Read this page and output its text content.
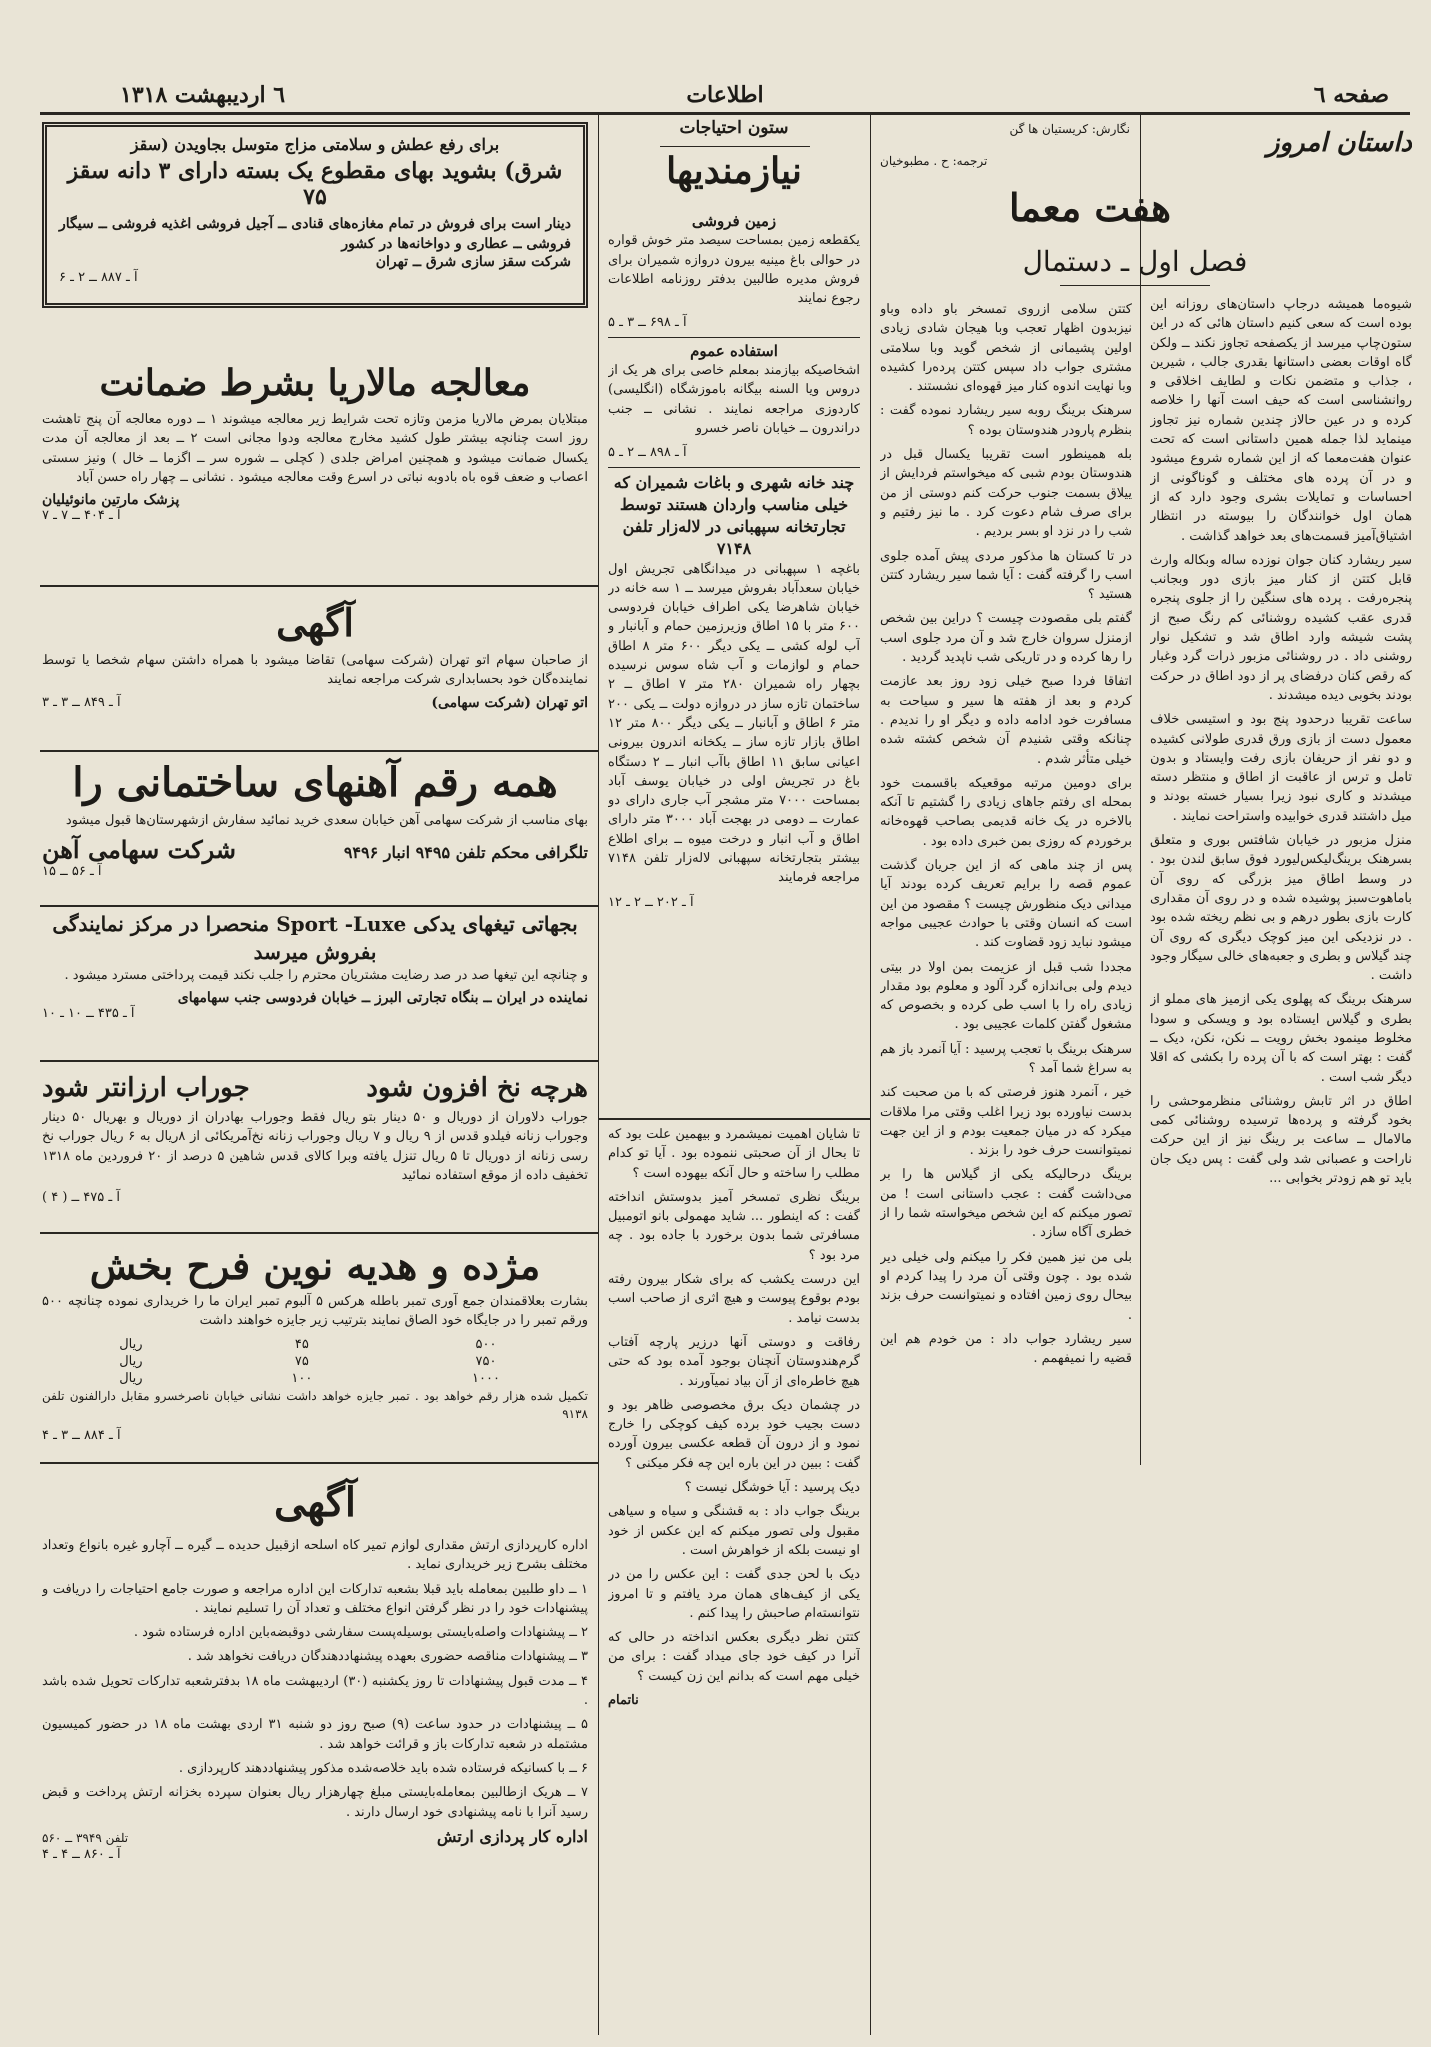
صفحه ٦
اطلاعات
٦ اردیبهشت ۱۳۱۸
داستان امروز
نگارش: کریستیان ها گن
ترجمه: ح . مطبوخیان
هفت معما
فصل اول ـ دستمال

شیوه‌ما همیشه درجاپ داستان‌ها‌ی روزانه این بوده است که سعی کنیم داستان هائی که در این ستون‌چاپ میرسد از یکصفحه تجاوز نکند ــ ولکن گاه اوقات بعضی داستانها بقدری جالب ، شیرین ، جذاب و متضمن نکات و لطایف اخلاقی و روانشناسی است که حیف است آنها را خلاصه کرده و در عین حالاز چندین شماره نیز تجاوز مینماید لذا جمله همین داستانی است که تحت عنوان هفت‌معما که از این شماره شروع میشود و در آن پرده های مختلف و گوناگونی از احساسات و تمایلات بشری وجود دارد که از همان اول خوانندگان را بیوسته در انتظار اشتیاق‌آمیز قسمت‌های بعد خواهد گذاشت .

سیر ریشارد کنان جوان نوزده ساله وبکاله وارث قابل کتتن از کنار میز بازی دور وبجانب پنجره‌رفت . پرده‌ های سنگین را از جلوی‌ پنجره قدری عقب کشیده روشنائی کم رنگ صبح از پشت شیشه وارد اطاق شد و تشکیل نوار روشنی داد . در روشنائی مزبور ذرات گرد وغبار که رقص کنان درفضای پر از دود اطاق در حرکت بودند بخوبی دیده میشدند .

ساعت تقریبا درحدود پنج بود و استیسی خلاف معمول دست از بازی ورق قدری طولانی کشیده و دو نفر از حریفان بازی رفت وایستاد و بدون تامل و ترس از عاقبت از اطاق و منتظر دسته میشدند و کاری نبود زیرا بسیار خسته بودند و میل داشتند قدری خوابیده واستراحت نمایند .

منزل مزبور در خیابان شافتس بوری و متعلق بسرهنک برینگ‌لیکس‌لیورد فوق سابق لندن بود . در وسط اطاق میز بزرگی که روی آن باماهوت‌سبز پوشیده شده و در روی آن مقداری کارت بازی بطور درهم و بی نظم ریخته شده بود . در نزدیکی این میز کوچک دیگری که روی آن چند گیلاس و بطری و جعبه‌های خالی سیگار وجود داشت .

سرهنک برینگ که پهلوی یکی ازمیز های مملو از بطری و گیلاس ایستاده بود و ویسکی و سودا مخلوط مینمود بخش رویت ــ نکن‌، نکن‌، دیک ــ گفت : بهتر است که با آن پرده را بکشی که اقلا دیگر شب است .

اطاق در اثر تابش روشنائی منظرموحشی را بخود گرفته و پرده‌ها ترسیده روشنائی کمی مالامال ــ ساعت بر رینگ نیز از این حرکت ناراحت و عصبانی شد ولی گفت : پس دیک جان باید تو هم زودتر بخوابی ...

کتتن سلامی ازروی تمسخر باو داده وباو نیزبدون اظهار تعجب وبا هیجان شادی زیادی اولین پشیمانی از شخص گوید وبا سلامتی مشتری جواب داد سپس کتتن پرده‌را کشیده وبا نهایت اندوه کنار میز قهوه‌ای نشستند .

سرهنک برینگ روبه سیر ریشارد نموده گفت : بنظرم پارودر هندوستان بوده ؟

بله همینطور است تقریبا یکسال قبل در هندوستان بودم شبی که میخواستم فردایش از ییلاق بسمت جنوب حرکت کنم دوستی از من برای صرف شام دعوت کرد . ما نیز رفتیم و شب را در نزد او بسر بردیم .

در تا کستان ها مذکور مردی پیش آمده جلوی اسب را گرفته گفت : آیا شما سیر ریشارد کتتن هستید ؟

گفتم بلی مقصودت چیست ؟ دراین بین شخص ازمنزل سروان خارج شد و آن مرد جلوی اسب را رها کرده و در تاریکی شب ناپدید گردید .

اتفاقا فردا صبح خیلی زود روز بعد عازمت کردم و بعد از هفته ها سیر و سیاحت به مسافرت خود ادامه داده و دیگر او را ندیدم . چنانکه وقتی شنیدم آن شخص کشته شده خیلی متأثر شدم .

برای دومین مرتبه موقعیکه باقسمت خود بمحله ای رفتم جاهای زیادی را گشتیم تا آنکه بالاخره در یک خانه قدیمی بصاحب قهوه‌خانه برخوردم که روزی بمن خبری داده بود .

پس از چند ماهی که از این جریان گذشت عموم قصه را برایم تعریف کرده بودند آیا میدانی دیک منظورش چیست ؟ مقصود من این است که انسان وقتی با حوادث عجیبی مواجه میشود نباید زود قضاوت کند .

مجددا شب قبل از عزیمت بمن اولا در بیتی دیدم ولی بی‌اندازه گرد آلود و معلوم بود مقدار زیادی راه را با اسب طی کرده و بخصوص که مشغول گفتن کلمات عجیبی بود .

سرهنک برینگ با تعجب پرسید : آیا آنمرد باز هم به سراغ شما آمد ؟

خیر ، آنمرد هنوز فرصتی که با من صحبت کند بدست نیاورده بود زیرا اغلب وقتی مرا ملاقات میکرد که در میان جمعیت بودم و از این جهت نمیتوانست حرف خود را بزند .

برینگ درحالیکه یکی از گیلاس ها را بر می‌داشت گفت : عجب داستانی است ! من تصور میکنم که این شخص میخواسته شما را از خطری آگاه سازد .

بلی من نیز همین فکر را میکنم ولی خیلی دیر شده بود . چون وقتی آن مرد را پیدا کردم او بیحال روی زمین افتاده و نمیتوانست حرف بزند .

سیر ریشارد جواب داد : من خودم هم این قضیه را نمیفهمم .

ستون احتیاجات
نیازمندیها
زمین فروشی

یکقطعه زمین بمساحت سیصد متر خوش قواره در حوالی باغ مینیه بیرون دروازه شمیران برای فروش مدیره طالبین بدفتر روزنامه اطلاعات رجوع نمایند

آ ـ ۶۹۸ ــ ۳ ـ ۵
استفاده عموم

اشخاصیکه بیازمند بمعلم خاصی برای هر یک از دروس ویا السنه بیگانه باموزشگاه (انگلیسی) کاردوزی مراجعه نمایند . نشانی ــ جنب دراندرون ــ خیابان ناصر خسرو

آ ـ ۸۹۸ ــ ۲ ـ ۵
چند خانه شهری و باغات شمیران که خیلی مناسب واردان هستند توسط تجارتخانه سپهبانی در لاله‌زار تلفن ۷۱۴۸

باغچه ۱ سپهبانی در میدانگاهی تجریش اول خیابان سعدآباد بفروش میرسد ــ ۱ سه خانه در خیابان شاهرضا یکی اطراف خیابان فردوسی ۶۰۰ متر با ۱۵ اطاق وزیرزمین حمام و آبانبار و آب لوله کشی ــ یکی دیگر ۶۰۰ متر ۸ اطاق حمام و لوازمات و آب شاه سوس نرسیده بچهار راه شمیران ۲۸۰ متر ۷ اطاق ــ ۲ ساختمان تازه ساز در دروازه دولت ــ یکی ۲۰۰ متر ۶ اطاق و آبانبار ــ یکی دیگر ۸۰۰ متر ۱۲ اطاق بازار تازه ساز ــ یکخانه اندرون بیرونی اعیانی سابق ۱۱ اطاق باآب انبار ــ ۲ دستگاه باغ در تجریش اولی در خیابان یوسف آباد بمساحت ۷۰۰۰ متر مشجر آب جاری دارای دو عمارت ــ دومی در بهجت آباد ۳۰۰۰ متر دارای اطاق و آب انبار و درخت میوه ــ برای اطلاع بیشتر بتجارتخانه سپهبانی لاله‌زار تلفن ۷۱۴۸ مراجعه فرمایند

آ ـ ۲۰۲ ــ ۲ ـ ۱۲

تا شایان اهمیت نمیشمرد و بیهمین علت بود که تا بحال از آن صحبتی ننموده بود . آیا تو کدام مطلب را ساخته و حال آنکه بیهوده است ؟

برینگ نظری تمسخر آمیز بدوستش انداخته گفت : که اینطور ... شاید مهمولی بانو اتومبیل مسافرتی شما بدون برخورد با جاده بود . چه مرد بود ؟

این درست یکشب که برای شکار بیرون رفته بودم بوقوع پیوست و هیچ اثری از صاحب اسب بدست نیامد .

رفاقت و دوستی آنها درزیر پارچه آفتاب گرم‌هندوستان آنچنان بوجود آمده بود که حتی هیچ خاطره‌ای از آن بیاد نمیآورند .

در چشمان دیک برق مخصوصی ظاهر بود و دست بجیب خود برده کیف کوچکی را خارج نمود و از درون آن قطعه عکسی بیرون آورده گفت : ببین در این باره این چه فکر میکنی ؟

دیک پرسید : آیا خوشگل نیست ؟

برینگ جواب داد : به قشنگی و سیاه و سیاهی مقبول ولی تصور میکنم که این عکس از خود او نیست بلکه از خواهرش است .

دیک با لحن جدی گفت : این عکس را من در یکی از کیف‌های همان مرد یافتم و تا امروز نتوانسته‌ام صاحبش را پیدا کنم .

کتتن نظر دیگری بعکس انداخته در حالی که آنرا در کیف خود جای میداد گفت : برای من خیلی مهم است که بدانم این زن کیست ؟

ناتمام
برای رفع عطش و سلامتی مزاج متوسل بجاویدن (سقز
شرق) بشوید بهای مقطوع یک بسته دارای ۳ دانه سقز ۷۵
دینار است برای فروش در تمام مغازه‌های قنادی ــ آجیل فروشی اغذیه فروشی ــ سیگار فروشی ــ عطاری و دواخانه‌ها در کشور
شرکت سقز سازی شرق ــ تهران
آ ـ ۸۸۷ ــ ۲ ـ ۶
معالجه مالاریا بشرط ضمانت

مبتلایان بمرض مالاریا مزمن وتازه تحت شرایط زیر معالجه میشوند ۱ ــ دوره معالجه آن پنج تاهشت روز است چنانچه بیشتر طول کشید مخارج معالجه ودوا مجانی است ۲ ــ بعد از معالجه آن مدت یکسال ضمانت میشود و همچنین امراض جلدی ( کچلی ــ شوره سر ــ اگزما ــ خال ) ونیز سستی اعصاب و ضعف قوه باه بادوبه نباتی در اسرع وقت معالجه میشود . نشانی ــ چهار راه حسن آباد

پزشک مارتین مانوئیلیان
آ ـ ۴۰۴ ــ ۷ ـ ۷
آگهی

از صاحبان سهام اتو تهران (شرکت سهامی) تقاضا میشود با همراه داشتن سهام شخصا یا توسط نماینده‌گان خود بحسابداری شرکت مراجعه نمایند

اتو تهران (شرکت سهامی)
آ ـ ۸۴۹ ــ ۳ ـ ۳
همه رقم آهنهای ساختمانی را

بهای مناسب از شرکت سهامی آهن خیابان سعدی خرید نمائید سفارش ازشهرستان‌ها قبول میشود

تلگرافی محکم تلفن ۹۴۹۵ انبار ۹۴۹۶
شرکت سهامی آهن
آ ـ ۵۶ ــ ۱۵
بجهاتی تیغهای یدکی Sport -Luxe منحصرا در مرکز نمایندگی بفروش میرسد

و چنانچه این تیغها صد در صد رضایت مشتریان محترم را جلب نکند قیمت پرداختی مسترد میشود .

نماینده در ایران ــ بنگاه تجارتی البرز ــ خیابان فردوسی جنب سهامهای
آ ـ ۴۳۵ ــ ۱۰ ـ ۱۰
هرچه نخ افزون شود
جوراب ارزانتر شود

جوراب دلاوران از دوریال و ۵۰ دینار بتو ریال فقط وجوراب بهادران از دوریال و بهریال ۵۰ دینار وجوراب زنانه فیلدو قدس از ۹ ریال و ۷ ریال وجوراب زنانه نخ‌آمریکائی از ۸ریال به ۶ ریال جوراب نخ رسی زنانه از دوریال تا ۵ ریال تنزل یافته وبرا کالای قدس شاهین ۵ درصد از ۲۰ فروردین ماه ۱۳۱۸ تخفیف داده از موقع استفاده نمائید

آ ـ ۴۷۵ ــ ( ۴ )
مژده و هدیه نوین فرح بخش

بشارت بعلاقمندان جمع آوری تمبر باطله هرکس ۵ آلبوم تمبر ایران ما را خریداری نموده چنانچه ۵۰۰ ورقم تمبر را در جایگاه خود الصاق نمایند بترتیب زیر جایزه خواهند داشت

۵۰۰	۴۵	ریال
۷۵۰	۷۵	ریال
۱۰۰۰	۱۰۰	ریال

تکمیل شده هزار رقم خواهد بود . تمبر جایزه خواهد داشت نشانی خیابان ناصرخسرو مقابل دارالفنون تلفن ۹۱۳۸

آ ـ ۸۸۴ ــ ۳ ـ ۴
آگهی

اداره کارپردازی ارتش مقداری لوازم تمیر کاه اسلحه ازقبیل حدیده ــ گیره ــ آچارو غیره بانواع وتعداد مختلف بشرح زیر خریداری نماید .

۱ ــ داو طلبین بمعامله باید قبلا بشعبه تدارکات این اداره مراجعه و صورت جامع احتیاجات را دریافت و پیشنهادات خود را در نظر گرفتن انواع مختلف و تعداد آن را تسلیم نمایند .

۲ ــ پیشنهادات واصله‌بایستی بوسیله‌پست سفارشی دوقبضه‌باین اداره فرستاده شود .

۳ ــ پیشنهادات مناقصه حضوری بعهده پیشنهاددهندگان دریافت نخواهد شد .

۴ ــ مدت قبول پیشنهادات تا روز یکشنبه (۳۰) اردیبهشت ماه ۱۸ بدفترشعبه تدارکات تحویل شده باشد .

۵ ــ پیشنهادات در حدود ساعت (۹) صبح روز دو شنبه ۳۱ اردی بهشت ماه ۱۸ در حضور کمیسیون مشتمله در شعبه تدارکات باز و قرائت خواهد شد .

۶ ــ با کسانیکه فرستاده شده باید خلاصه‌شده مذکور پیشنهاددهند کارپردازی .

۷ ــ هریک ازطالبین بمعامله‌بایستی مبلغ چهارهزار ریال بعنوان سپرده بخزانه ارتش پرداخت و قبض رسید آنرا با نامه پیشنهادی خود ارسال دارند .

اداره کار پردازی ارتش
تلفن ۳۹۴۹ ــ ۵۶۰
آ ـ ۸۶۰ ــ ۴ ـ ۴
